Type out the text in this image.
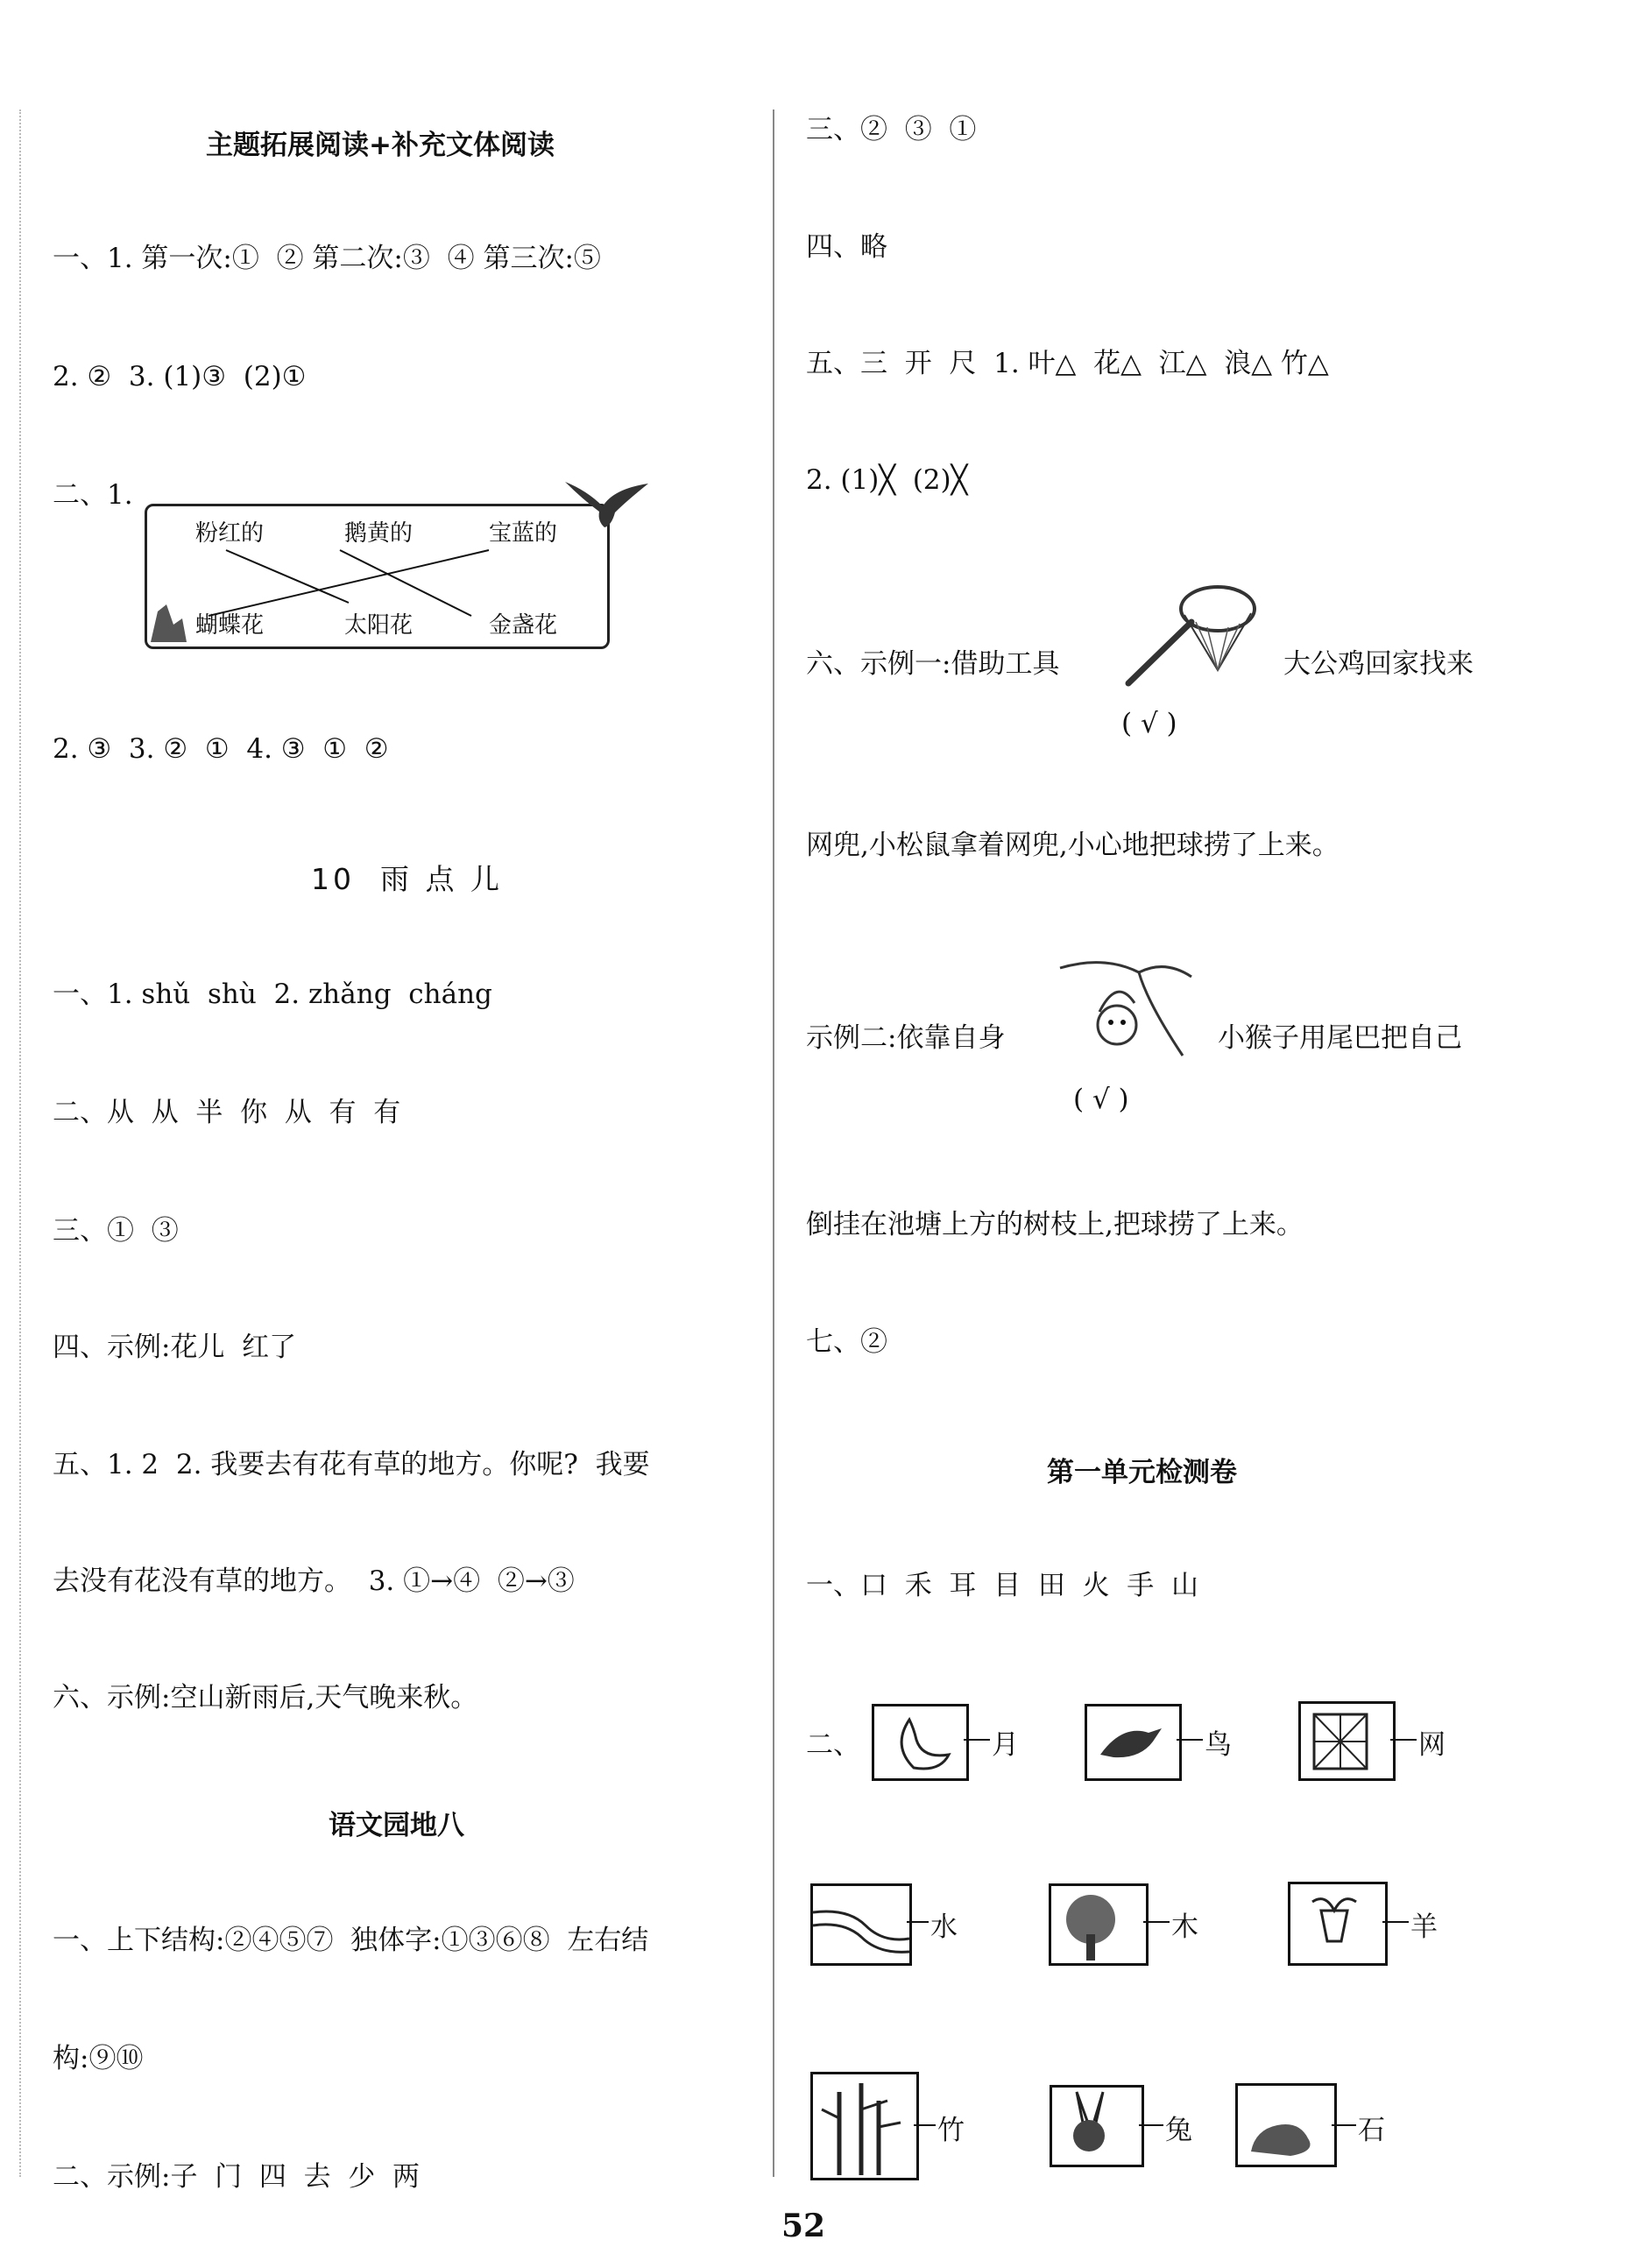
主题拓展阅读+补充文体阅读
一、1. 第一次:①  ② 第二次:③  ④ 第三次:⑤
2. ②  3. (1)③  (2)①
二、1.
粉红的	鹅黄的	宝蓝的
蝴蝶花	太阳花	金盏花
2. ③  3. ②  ①  4. ③  ①  ②
10  雨 点 儿
一、1. shǔ  shù  2. zhǎng  cháng
二、从  从  半  你  从  有  有
三、①  ③
四、示例:花儿  红了
五、1. 2  2. 我要去有花有草的地方。你呢?  我要
去没有花没有草的地方。  3. ①→④  ②→③
六、示例:空山新雨后,天气晚来秋。
语文园地八
一、上下结构:②④⑤⑦  独体字:①③⑥⑧  左右结
构:⑨⑩
二、示例:子  门  四  去  少  两
三、②  ③  ①
四、略
五、三  开  尺  1. 叶△  花△  江△  浪△ 竹△
2. (1)╳  (2)╳
六、示例一:借助工具	大公鸡回家找来
( √ )
网兜,小松鼠拿着网兜,小心地把球捞了上来。
示例二:依靠自身	小猴子用尾巴把自己
( √ )
倒挂在池塘上方的树枝上,把球捞了上来。
七、②
第一单元检测卷
一、口  禾  耳  目  田  火  手  山
二、	月	鸟	网
水	木	羊
竹	兔	石
52
